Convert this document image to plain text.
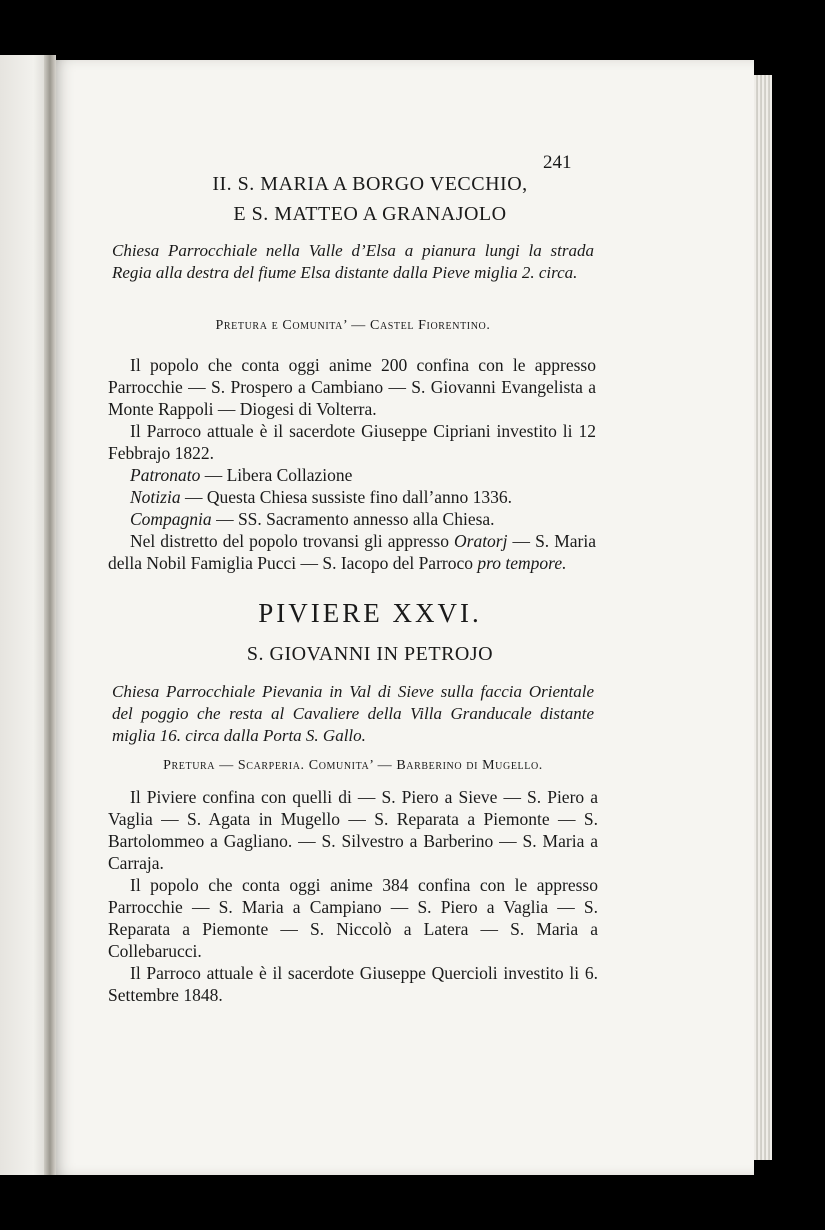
241
II. S. MARIA A BORGO VECCHIO,
E S. MATTEO A GRANAJOLO
Chiesa Parrocchiale nella Valle d’Elsa a pianura lungi la strada Regia alla destra del fiume Elsa distante dalla Pieve miglia 2. circa.
Pretura e Comunita’ — Castel Fiorentino.

Il popolo che conta oggi anime 200 confina con le appresso Parrocchie — S. Prospero a Cambiano — S. Giovanni Evangelista a Monte Rappoli — Diogesi di Volterra.

Il Parroco attuale è il sacerdote Giuseppe Cipriani investito li 12 Febbrajo 1822.

Patronato — Libera Collazione

Notizia — Questa Chiesa sussiste fino dall’anno 1336.

Compagnia — SS. Sacramento annesso alla Chiesa.

Nel distretto del popolo trovansi gli appresso Oratorj — S. Maria della Nobil Famiglia Pucci — S. Iacopo del Parroco pro tempore.

PIVIERE XXVI.
S. GIOVANNI IN PETROJO
Chiesa Parrocchiale Pievania in Val di Sieve sulla faccia Orientale del poggio che resta al Cavaliere della Villa Granducale distante miglia 16. circa dalla Porta S. Gallo.
Pretura — Scarperia. Comunita’ — Barberino di Mugello.

Il Piviere confina con quelli di — S. Piero a Sieve — S. Piero a Vaglia — S. Agata in Mugello — S. Reparata a Piemonte — S. Bartolommeo a Gagliano. — S. Silvestro a Barberino — S. Maria a Carraja.

Il popolo che conta oggi anime 384 confina con le appresso Parrocchie — S. Maria a Campiano — S. Piero a Vaglia — S. Reparata a Piemonte — S. Niccolò a Latera — S. Maria a Collebarucci.

Il Parroco attuale è il sacerdote Giuseppe Quercioli investito li 6. Settembre 1848.
